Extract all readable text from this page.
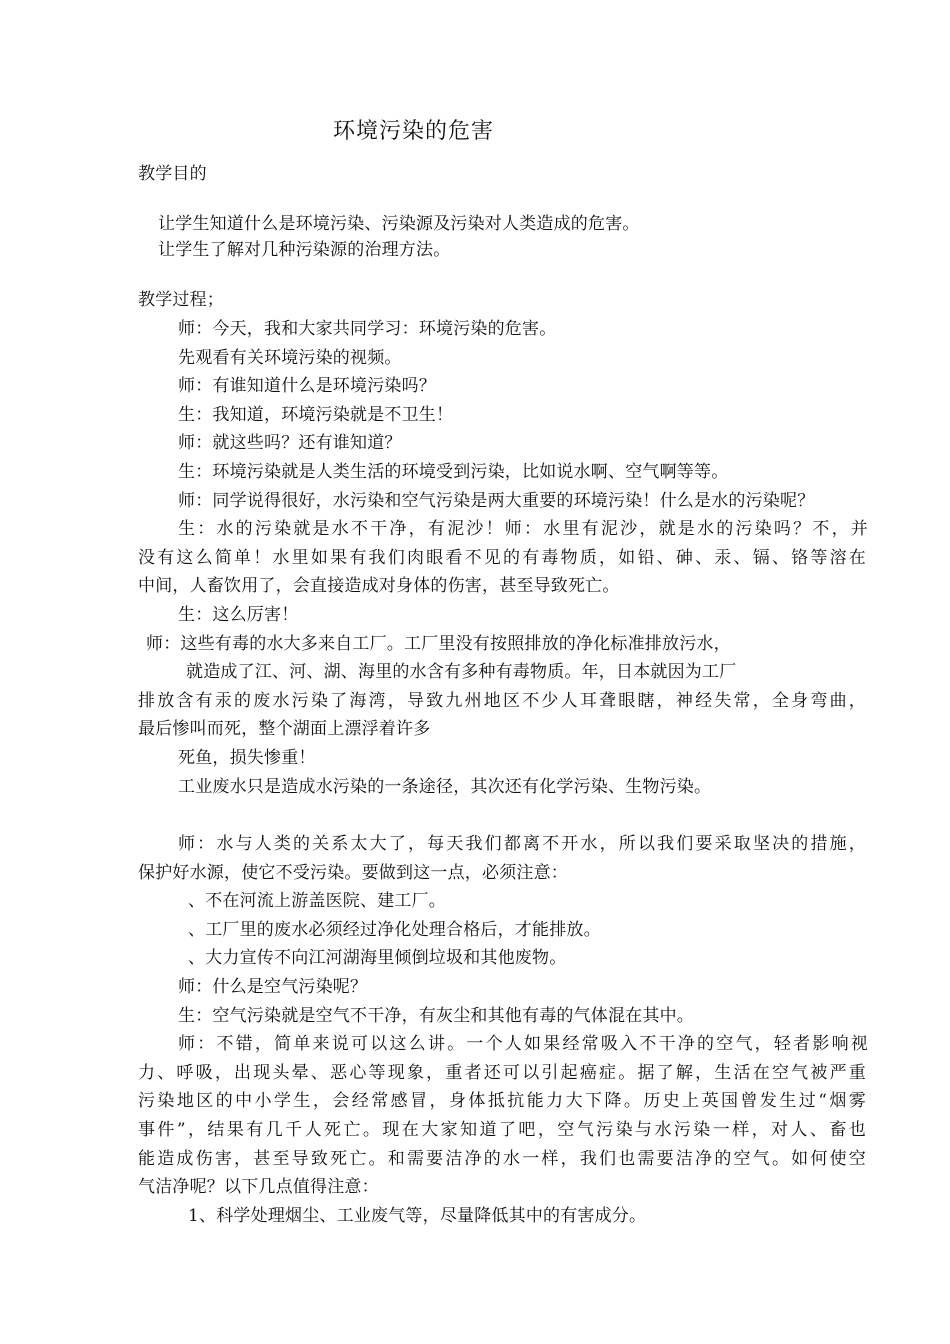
环境污染的危害
教学目的
让学生知道什么是环境污染、污染源及污染对人类造成的危害。
让学生了解对几种污染源的治理方法。
教学过程；
师：今天，我和大家共同学习：环境污染的危害。
先观看有关环境污染的视频。
师：有谁知道什么是环境污染吗？
生：我知道，环境污染就是不卫生！
师：就这些吗？还有谁知道？
生：环境污染就是人类生活的环境受到污染，比如说水啊、空气啊等等。
师：同学说得很好，水污染和空气污染是两大重要的环境污染！什么是水的污染呢？
生：水的污染就是水不干净，有泥沙！师：水里有泥沙，就是水的污染吗？不，并
没有这么简单！水里如果有我们肉眼看不见的有毒物质，如铅、砷、汞、镉、铬等溶在
中间，人畜饮用了，会直接造成对身体的伤害，甚至导致死亡。
生：这么厉害！
师：这些有毒的水大多来自工厂。工厂里没有按照排放的净化标准排放污水，
就造成了江、河、湖、海里的水含有多种有毒物质。年，日本就因为工厂
排放含有汞的废水污染了海湾，导致九州地区不少人耳聋眼瞎，神经失常，全身弯曲，
最后惨叫而死，整个湖面上漂浮着许多
死鱼，损失惨重！
工业废水只是造成水污染的一条途径，其次还有化学污染、生物污染。
师：水与人类的关系太大了，每天我们都离不开水，所以我们要采取坚决的措施，
保护好水源，使它不受污染。要做到这一点，必须注意：
、不在河流上游盖医院、建工厂。
、工厂里的废水必须经过净化处理合格后，才能排放。
、大力宣传不向江河湖海里倾倒垃圾和其他废物。
师：什么是空气污染呢？
生：空气污染就是空气不干净，有灰尘和其他有毒的气体混在其中。
师：不错，简单来说可以这么讲。一个人如果经常吸入不干净的空气，轻者影响视
力、呼吸，出现头晕、恶心等现象，重者还可以引起癌症。据了解，生活在空气被严重
污染地区的中小学生，会经常感冒，身体抵抗能力大下降。历史上英国曾发生过“烟雾
事件”，结果有几千人死亡。现在大家知道了吧，空气污染与水污染一样，对人、畜也
能造成伤害，甚至导致死亡。和需要洁净的水一样，我们也需要洁净的空气。如何使空
气洁净呢？以下几点值得注意：
1、科学处理烟尘、工业废气等，尽量降低其中的有害成分。
